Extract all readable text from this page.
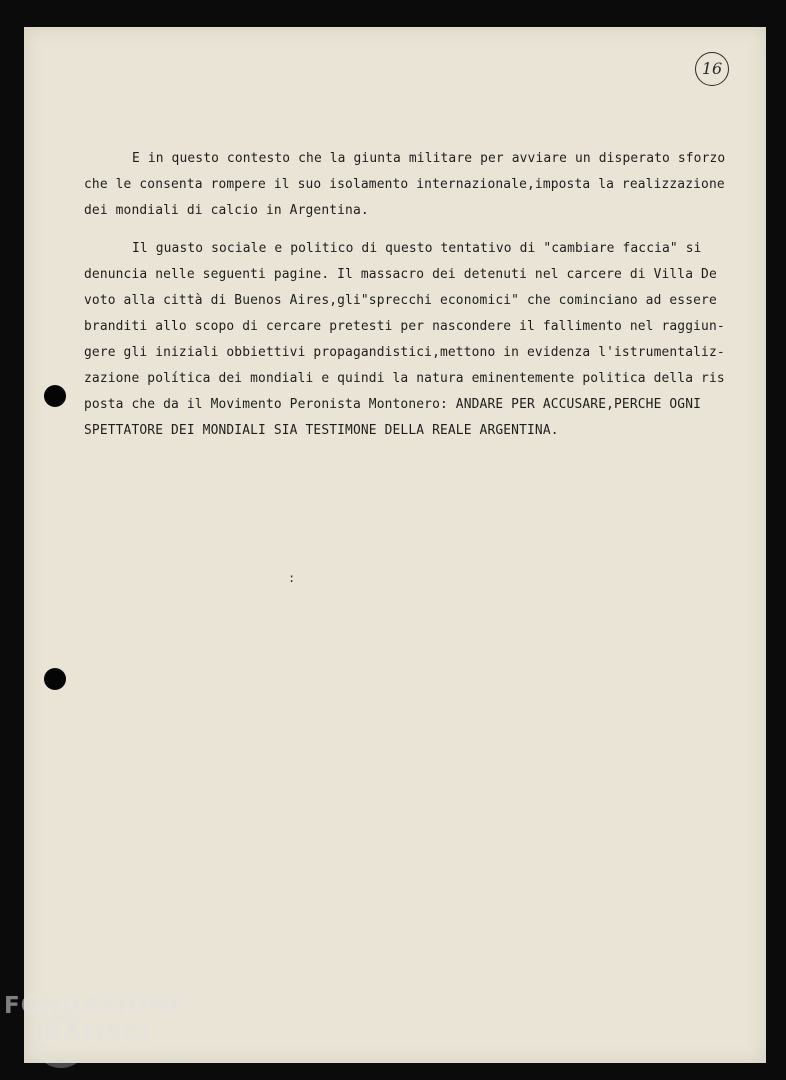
16
:
E in questo contesto che la giunta militare per avviare un disperato sforzo
che le consenta rompere il suo isolamento internazionale,imposta la realizzazione
dei mondiali di calcio in Argentina.
Il guasto sociale e politico di questo tentativo di "cambiare faccia" si
denuncia nelle seguenti pagine. Il massacro dei detenuti nel carcere di Villa De
voto alla città di Buenos Aires,gli"sprecchi economici" che cominciano ad essere
branditi allo scopo di cercare pretesti per nascondere il fallimento nel raggiun-
gere gli iniziali obbiettivi propagandistici,mettono in evidenza l'istrumentaliz-
zazione política dei mondiali e quindi la natura eminentemente politica della ris
posta che da il Movimento Peronista Montonero: ANDARE PER ACCUSARE,PERCHE OGNI
SPETTATORE DEI MONDIALI SIA TESTIMONE DELLA REALE ARGENTINA.
FONDAZIONE
RAMSCI
onlus
